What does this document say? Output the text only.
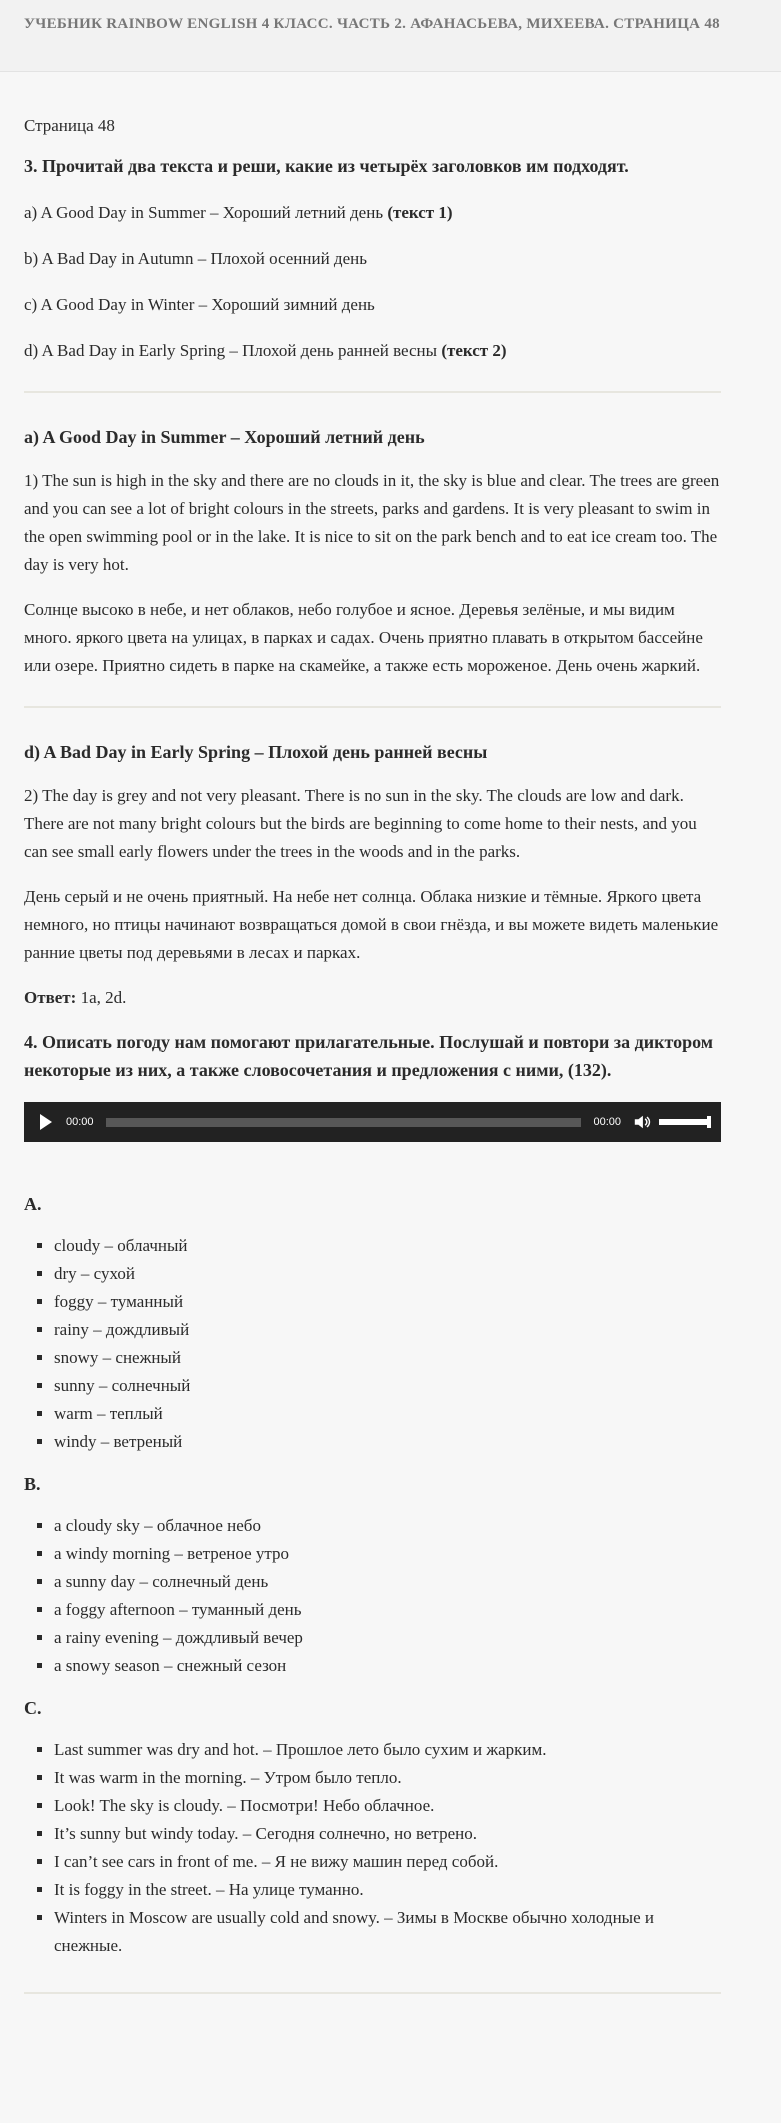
УЧЕБНИК RAINBOW ENGLISH 4 КЛАСС. ЧАСТЬ 2. АФАНАСЬЕВА, МИХЕЕВА. СТРАНИЦА 48

Страница 48

3. Прочитай два текста и реши, какие из четырёх заголовков им подходят.

a) A Good Day in Summer – Хороший летний день (текст 1)

b) A Bad Day in Autumn – Плохой осенний день

c) A Good Day in Winter – Хороший зимний день

d) A Bad Day in Early Spring – Плохой день ранней весны (текст 2)

a) A Good Day in Summer – Хороший летний день

1) The sun is high in the sky and there are no clouds in it, the sky is blue and clear. The trees are green and you can see a lot of bright colours in the streets, parks and gardens. It is very pleasant to swim in the open swimming pool or in the lake. It is nice to sit on the park bench and to eat ice cream too. The day is very hot.

Солнце высоко в небе, и нет облаков, небо голубое и ясное. Деревья зелёные, и мы видим много. яркого цвета на улицах, в парках и садах. Очень приятно плавать в открытом бассейне или озере. Приятно сидеть в парке на скамейке, а также есть мороженое. День очень жаркий.

d) A Bad Day in Early Spring – Плохой день ранней весны

2) The day is grey and not very pleasant. There is no sun in the sky. The clouds are low and dark. There are not many bright colours but the birds are beginning to come home to their nests, and you can see small early flowers under the trees in the woods and in the parks.

День серый и не очень приятный. На небе нет солнца. Облака низкие и тёмные. Яркого цвета немного, но птицы начинают возвращаться домой в свои гнёзда, и вы можете видеть маленькие ранние цветы под деревьями в лесах и парках.

Ответ: 1a, 2d.

4. Описать погоду нам помогают прилагательные. Послушай и повтори за диктором некоторые из них, а также словосочетания и предложения с ними, (132).

00:00	00:00

A.

▪ cloudy – облачный
▪ dry – сухой
▪ foggy – туманный
▪ rainy – дождливый
▪ snowy – снежный
▪ sunny – солнечный
▪ warm – теплый
▪ windy – ветреный

B.

▪ a cloudy sky – облачное небо
▪ a windy morning – ветреное утро
▪ a sunny day – солнечный день
▪ a foggy afternoon – туманный день
▪ a rainy evening – дождливый вечер
▪ a snowy season – снежный сезон

C.

▪ Last summer was dry and hot. – Прошлое лето было сухим и жарким.
▪ It was warm in the morning. – Утром было тепло.
▪ Look! The sky is cloudy. – Посмотри! Небо облачное.
▪ It’s sunny but windy today. – Сегодня солнечно, но ветрено.
▪ I can’t see cars in front of me. – Я не вижу машин перед собой.
▪ It is foggy in the street. – На улице туманно.
▪ Winters in Moscow are usually cold and snowy. – Зимы в Москве обычно холодные и снежные.
